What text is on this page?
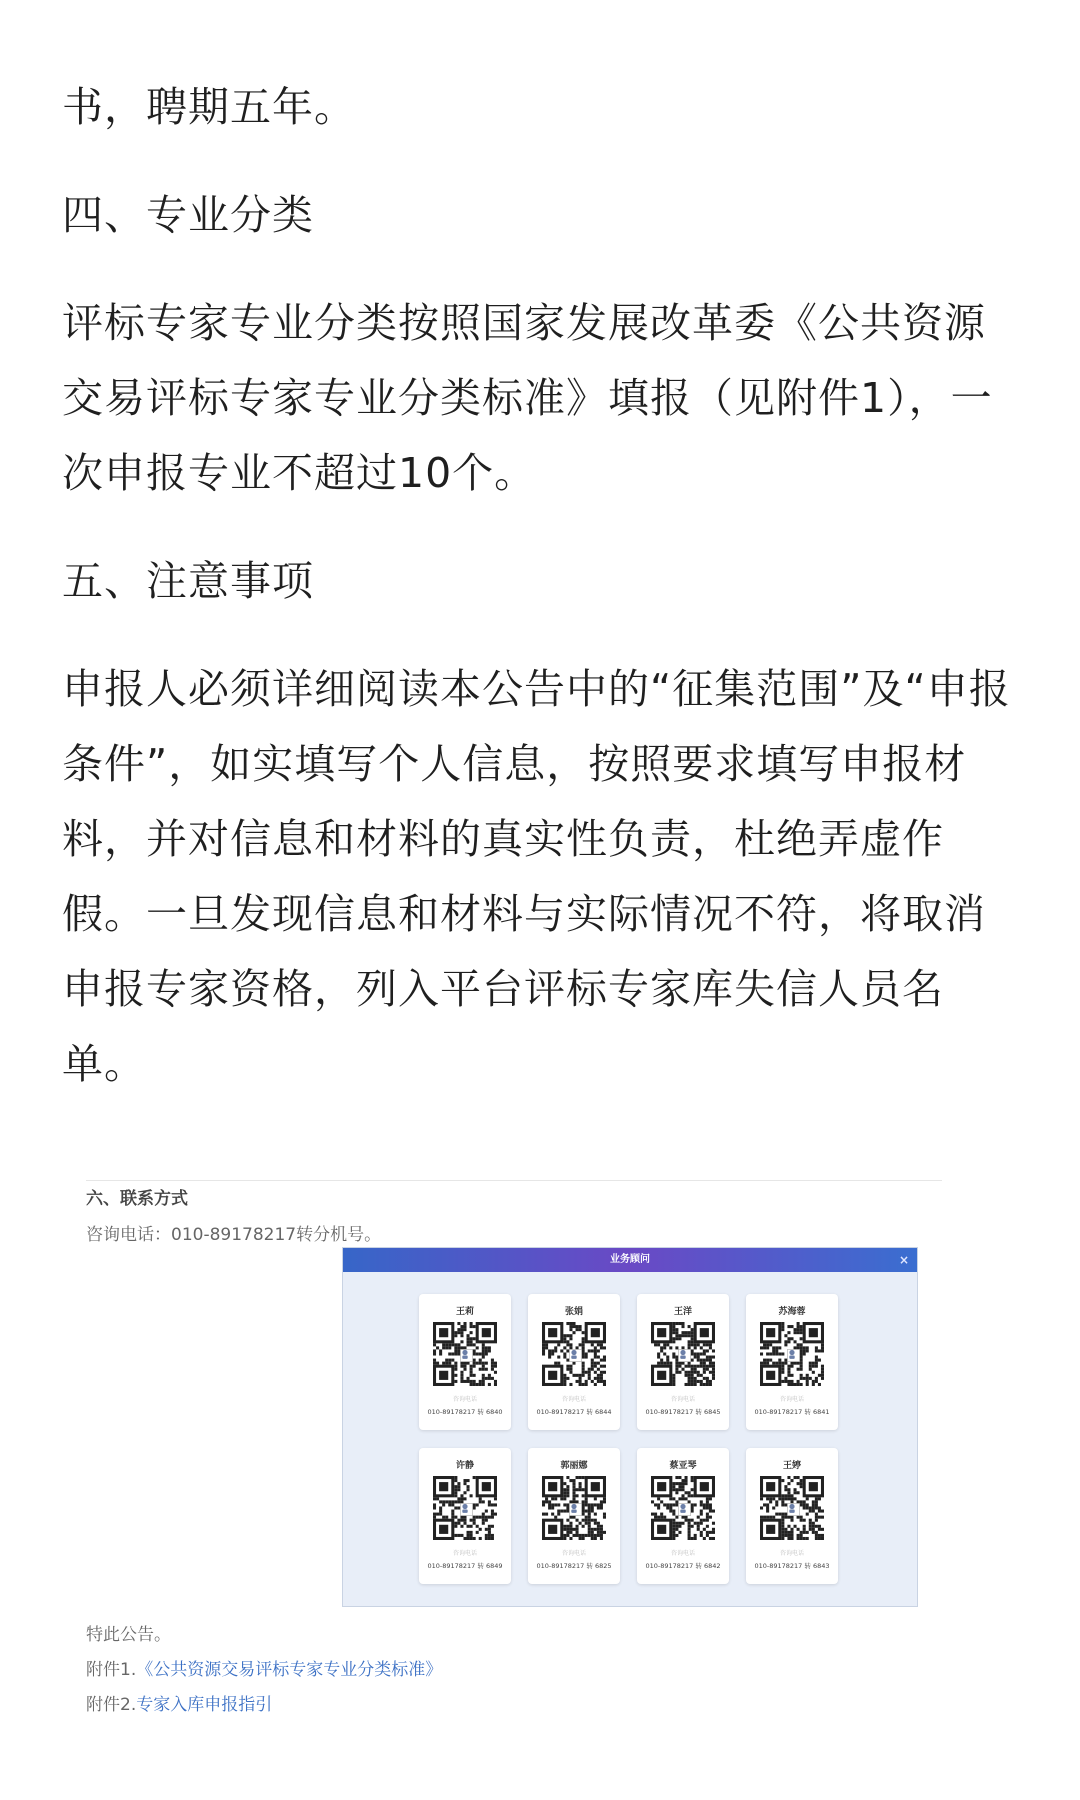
书，聘期五年。

四、专业分类

评标专家专业分类按照国家发展改革委《公共资源交易评标专家专业分类标准》填报（见附件1），一次申报专业不超过10个。

五、注意事项

申报人必须详细阅读本公告中的“征集范围”及“申报条件”，如实填写个人信息，按照要求填写申报材料，并对信息和材料的真实性负责，杜绝弄虚作假。一旦发现信息和材料与实际情况不符，将取消申报专家资格，列入平台评标专家库失信人员名单。

六、联系方式
咨询电话：010-89178217转分机号。
业务顾问	×
王莉
咨询电话
010-89178217 转 6840
张娟
咨询电话
010-89178217 转 6844
王洋
咨询电话
010-89178217 转 6845
苏海蓉
咨询电话
010-89178217 转 6841
许静
咨询电话
010-89178217 转 6849
郭丽娜
咨询电话
010-89178217 转 6825
蔡亚琴
咨询电话
010-89178217 转 6842
王婷
咨询电话
010-89178217 转 6843
特此公告。
附件1.《公共资源交易评标专家专业分类标准》
附件2.专家入库申报指引
